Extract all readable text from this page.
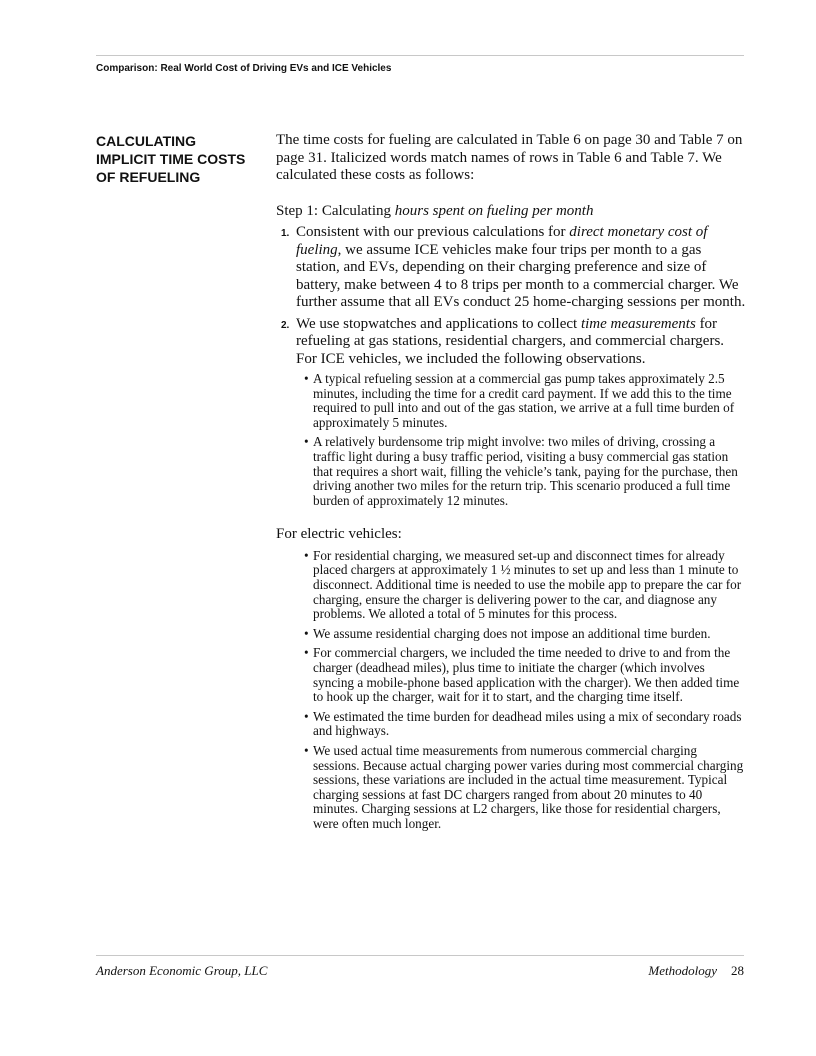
Comparison: Real World Cost of Driving EVs and ICE Vehicles
CALCULATING
IMPLICIT TIME COSTS
OF REFUELING

The time costs for fueling are calculated in Table 6 on page 30 and Table 7 on page 31. Italicized words match names of rows in Table 6 and Table 7. We calculated these costs as follows:

Step 1: Calculating hours spent on fueling per month

1. Consistent with our previous calculations for direct monetary cost of fueling, we assume ICE vehicles make four trips per month to a gas station, and EVs, depending on their charging preference and size of battery, make between 4 to 8 trips per month to a commercial charger. We further assume that all EVs conduct 25 home-charging sessions per month.
2. We use stopwatches and applications to collect time measurements for refueling at gas stations, residential chargers, and commercial chargers. For ICE vehicles, we included the following observations.
• A typical refueling session at a commercial gas pump takes approximately 2.5 minutes, including the time for a credit card payment. If we add this to the time required to pull into and out of the gas station, we arrive at a full time burden of approximately 5 minutes.
• A relatively burdensome trip might involve: two miles of driving, crossing a traffic light during a busy traffic period, visiting a busy commercial gas station that requires a short wait, filling the vehicle’s tank, paying for the purchase, then driving another two miles for the return trip. This scenario produced a full time burden of approximately 12 minutes.

For electric vehicles:

• For residential charging, we measured set-up and disconnect times for already placed chargers at approximately 1 ½ minutes to set up and less than 1 minute to disconnect. Additional time is needed to use the mobile app to prepare the car for charging, ensure the charger is delivering power to the car, and diagnose any problems. We alloted a total of 5 minutes for this process.
• We assume residential charging does not impose an additional time burden.
• For commercial chargers, we included the time needed to drive to and from the charger (deadhead miles), plus time to initiate the charger (which involves syncing a mobile-phone based application with the charger). We then added time to hook up the charger, wait for it to start, and the charging time itself.
• We estimated the time burden for deadhead miles using a mix of secondary roads and highways.
• We used actual time measurements from numerous commercial charging sessions. Because actual charging power varies during most commercial charging sessions, these variations are included in the actual time measurement. Typical charging sessions at fast DC chargers ranged from about 20 minutes to 40 minutes. Charging sessions at L2 chargers, like those for residential chargers, were often much longer.
Anderson Economic Group, LLC	Methodology 28
